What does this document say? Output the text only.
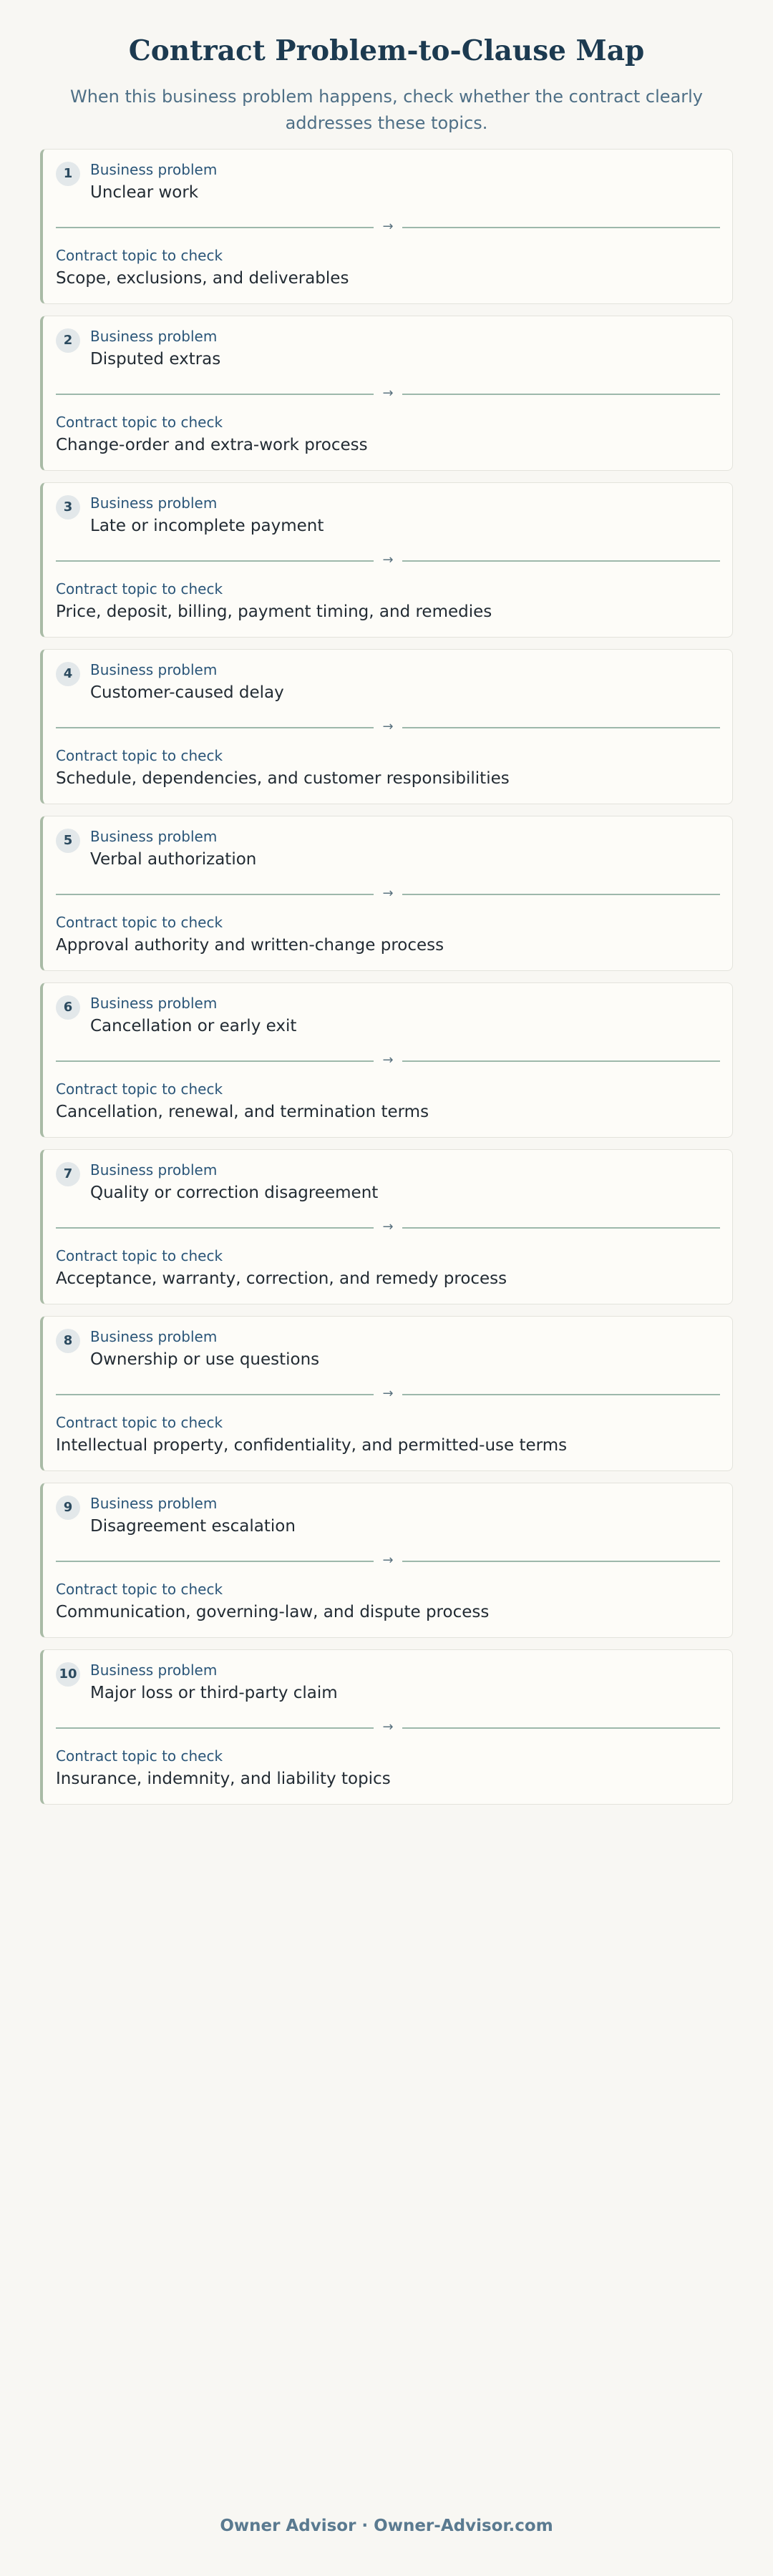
Contract Problem-to-Clause Map

When this business problem happens, check whether the contract clearly addresses these topics.

1	Business problem
Unclear work
→
Contract topic to check
Scope, exclusions, and deliverables
2	Business problem
Disputed extras
→
Contract topic to check
Change-order and extra-work process
3	Business problem
Late or incomplete payment
→
Contract topic to check
Price, deposit, billing, payment timing, and remedies
4	Business problem
Customer-caused delay
→
Contract topic to check
Schedule, dependencies, and customer responsibilities
5	Business problem
Verbal authorization
→
Contract topic to check
Approval authority and written-change process
6	Business problem
Cancellation or early exit
→
Contract topic to check
Cancellation, renewal, and termination terms
7	Business problem
Quality or correction disagreement
→
Contract topic to check
Acceptance, warranty, correction, and remedy process
8	Business problem
Ownership or use questions
→
Contract topic to check
Intellectual property, confidentiality, and permitted-use terms
9	Business problem
Disagreement escalation
→
Contract topic to check
Communication, governing-law, and dispute process
10 Business problem
Major loss or third-party claim
→
Contract topic to check
Insurance, indemnity, and liability topics
Owner Advisor · Owner-Advisor.com
